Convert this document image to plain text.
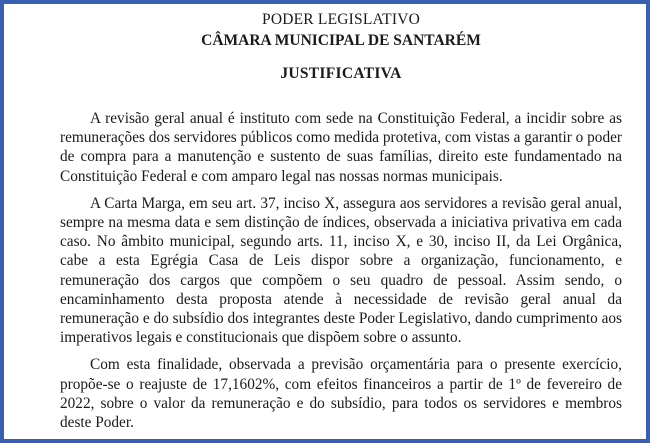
PODER LEGISLATIVO

CÂMARA MUNICIPAL DE SANTARÉM

JUSTIFICATIVA

A revisão geral anual é instituto com sede na Constituição Federal, a incidir sobre as remunerações dos servidores públicos como medida protetiva, com vistas a garantir o poder de compra para a manutenção e sustento de suas famílias, direito este fundamentado na Constituição Federal e com amparo legal nas nossas normas municipais.

A Carta Marga, em seu art. 37, inciso X, assegura aos servidores a revisão geral anual, sempre na mesma data e sem distinção de índices, observada a iniciativa privativa em cada caso. No âmbito municipal, segundo arts. 11, inciso X, e 30, inciso II, da Lei Orgânica, cabe a esta Egrégia Casa de Leis dispor sobre a organização, funcionamento, e remuneração dos cargos que compõem o seu quadro de pessoal. Assim sendo, o encaminhamento desta proposta atende à necessidade de revisão geral anual da remuneração e do subsídio dos integrantes deste Poder Legislativo, dando cumprimento aos imperativos legais e constitucionais que dispõem sobre o assunto.

Com esta finalidade, observada a previsão orçamentária para o presente exercício, propõe-se o reajuste de 17,1602%, com efeitos financeiros a partir de 1º de fevereiro de 2022, sobre o valor da remuneração e do subsídio, para todos os servidores e membros deste Poder.
